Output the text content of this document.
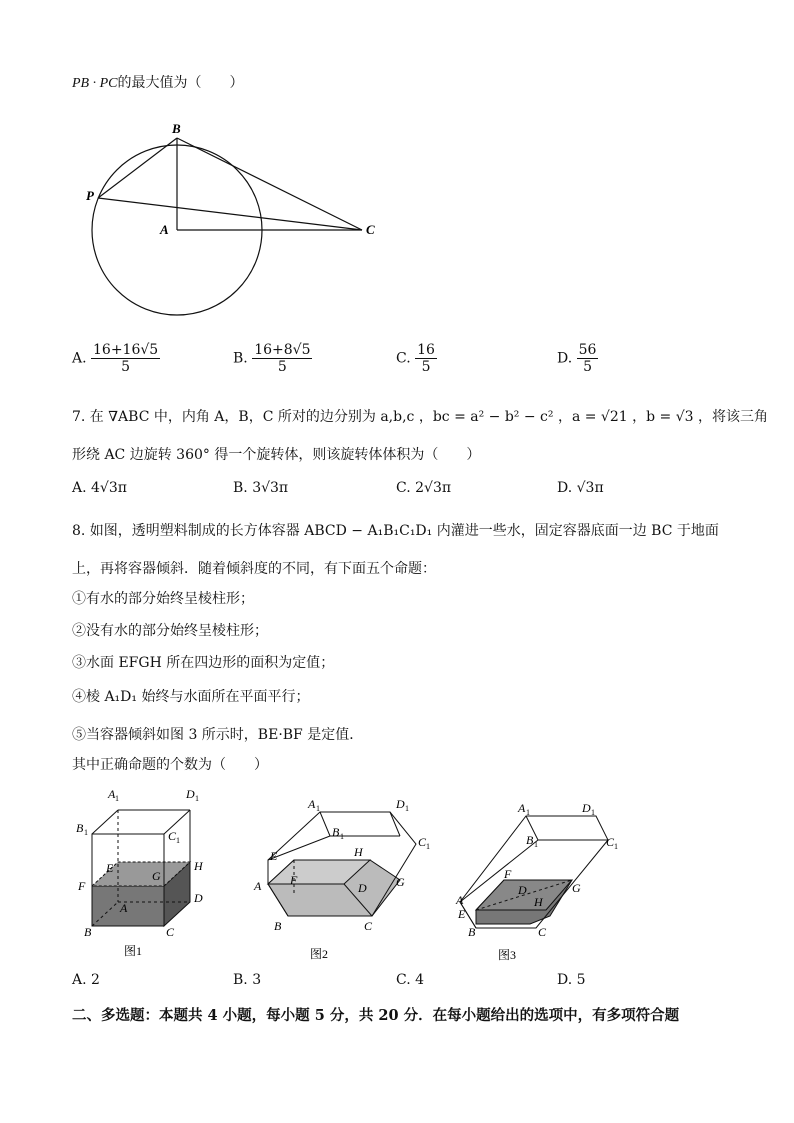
PB · PC的最大值为（　　）
B
P
A	C
A. $\frac{16+16√5}{5}$	B. $\frac{16+8√5}{5}$	C. $\frac{16}{5}$	D. $\frac{56}{5}$
7. 在 ∇ABC 中，内角 A，B，C 所对的边分别为 a,b,c ，bc = a² − b² − c² ，a = √21 ，b = √3 ，将该三角
形绕 AC 边旋转 360° 得一个旋转体，则该旋转体体积为（　　）
A. 4√3π	B. 3√3π	C. 2√3π	D. √3π
8. 如图，透明塑料制成的长方体容器 ABCD − A₁B₁C₁D₁ 内灌进一些水，固定容器底面一边 BC 于地面
上，再将容器倾斜．随着倾斜度的不同，有下面五个命题：
①有水的部分始终呈棱柱形；
②没有水的部分始终呈棱柱形；
③水面 EFGH 所在四边形的面积为定值；
④棱 A₁D₁ 始终与水面所在平面平行；
⑤当容器倾斜如图 3 所示时，BE·BF 是定值．
其中正确命题的个数为（　　）
A 1	D 1
B 1	C 1
E	H
F
G
A
D
B	C
图1
A 1	D 1
B 1	C 1
E	H
F
A	D G
B	C
图2
A 1	D 1
B 1	C 1
F
D	G
A	H
E
B	C
图3
A. 2	B. 3	C. 4	D. 5
二、多选题：本题共 4 小题，每小题 5 分，共 20 分．在每小题给出的选项中，有多项符合题
